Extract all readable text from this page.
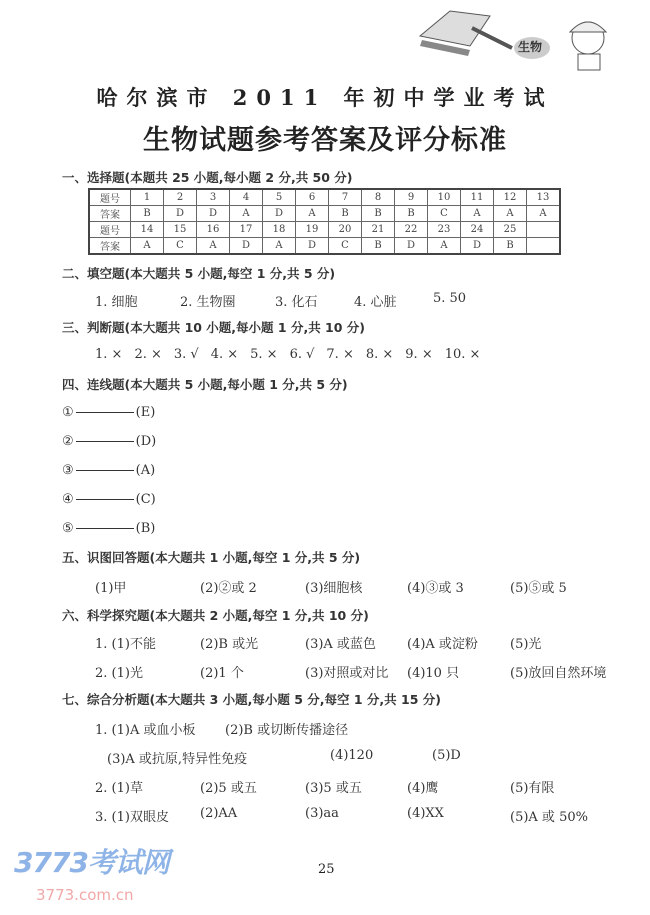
生物
哈尔滨市 2011 年初中学业考试
生物试题参考答案及评分标准
一、选择题(本题共 25 小题,每小题 2 分,共 50 分)
题号	1	2	3	4	5	6	7	8	9	10	11	12	13
答案	B	D	D	A	D	A	B	B	B	C	A	A	A
题号	14	15	16	17	18	19	20	21	22	23	24	25	
答案	A	C	A	D	A	D	C	B	D	A	D	B	
二、填空题(本大题共 5 小题,每空 1 分,共 5 分)
1. 细胞	2. 生物圈	3. 化石	4. 心脏	5. 50
三、判断题(本大题共 10 小题,每小题 1 分,共 10 分)
1. × 2. × 3. √ 4. × 5. × 6. √ 7. × 8. × 9. × 10. ×
四、连线题(本大题共 5 小题,每小题 1 分,共 5 分)
①	(E)
②	(D)
③	(A)
④	(C)
⑤	(B)
五、识图回答题(本大题共 1 小题,每空 1 分,共 5 分)
(1)甲	(2)②或 2	(3)细胞核	(4)③或 3	(5)⑤或 5
六、科学探究题(本大题共 2 小题,每空 1 分,共 10 分)
1. (1)不能	(2)B 或光	(3)A 或蓝色 (4)A 或淀粉 (5)光
2. (1)光	(2)1 个	(3)对照或对比 (4)10 只	(5)放回自然环境
七、综合分析题(本大题共 3 小题,每小题 5 分,每空 1 分,共 15 分)
1. (1)A 或血小板 (2)B 或切断传播途径
(3)A 或抗原,特异性免疫	(4)120	(5)D
2. (1)草	(2)5 或五	(3)5 或五	(4)鹰	(5)有限
3. (1)双眼皮 (2)AA	(3)aa	(4)XX	(5)A 或 50%
25
3773考试网
3773.com.cn
